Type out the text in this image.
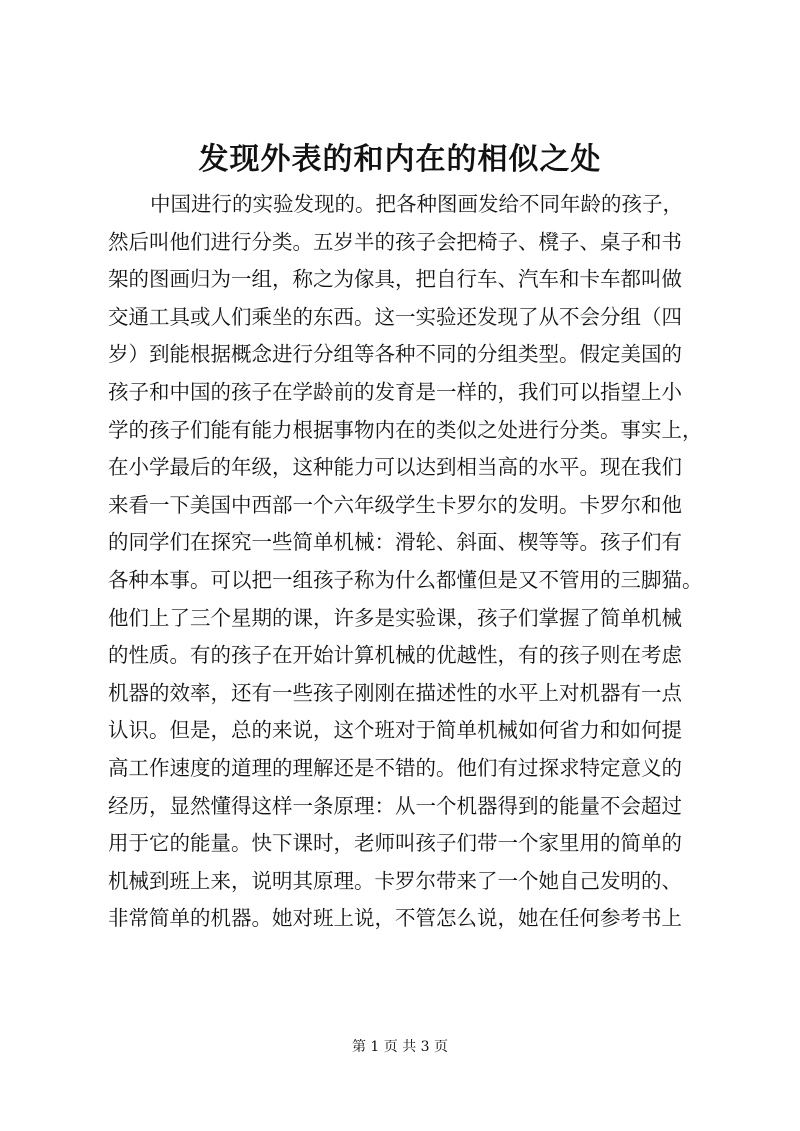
发现外表的和内在的相似之处
中国进行的实验发现的。把各种图画发给不同年龄的孩子，
然后叫他们进行分类。五岁半的孩子会把椅子、櫈子、桌子和书
架的图画归为一组，称之为傢具，把自行车、汽车和卡车都叫做
交通工具或人们乘坐的东西。这一实验还发现了从不会分组（四
岁）到能根据概念进行分组等各种不同的分组类型。假定美国的
孩子和中国的孩子在学龄前的发育是一样的，我们可以指望上小
学的孩子们能有能力根据事物内在的类似之处进行分类。事实上，
在小学最后的年级，这种能力可以达到相当高的水平。现在我们
来看一下美国中西部一个六年级学生卡罗尔的发明。卡罗尔和他
的同学们在探究一些简单机械：滑轮、斜面、楔等等。孩子们有
各种本事。可以把一组孩子称为什么都懂但是又不管用的三脚猫。
他们上了三个星期的课，许多是实验课，孩子们掌握了简单机械
的性质。有的孩子在开始计算机械的优越性，有的孩子则在考虑
机器的效率，还有一些孩子刚刚在描述性的水平上对机器有一点
认识。但是，总的来说，这个班对于简单机械如何省力和如何提
高工作速度的道理的理解还是不错的。他们有过探求特定意义的
经历，显然懂得这样一条原理：从一个机器得到的能量不会超过
用于它的能量。快下课时，老师叫孩子们带一个家里用的简单的
机械到班上来，说明其原理。卡罗尔带来了一个她自己发明的、
非常简单的机器。她对班上说，不管怎么说，她在任何参考书上
第 1 页 共 3 页
